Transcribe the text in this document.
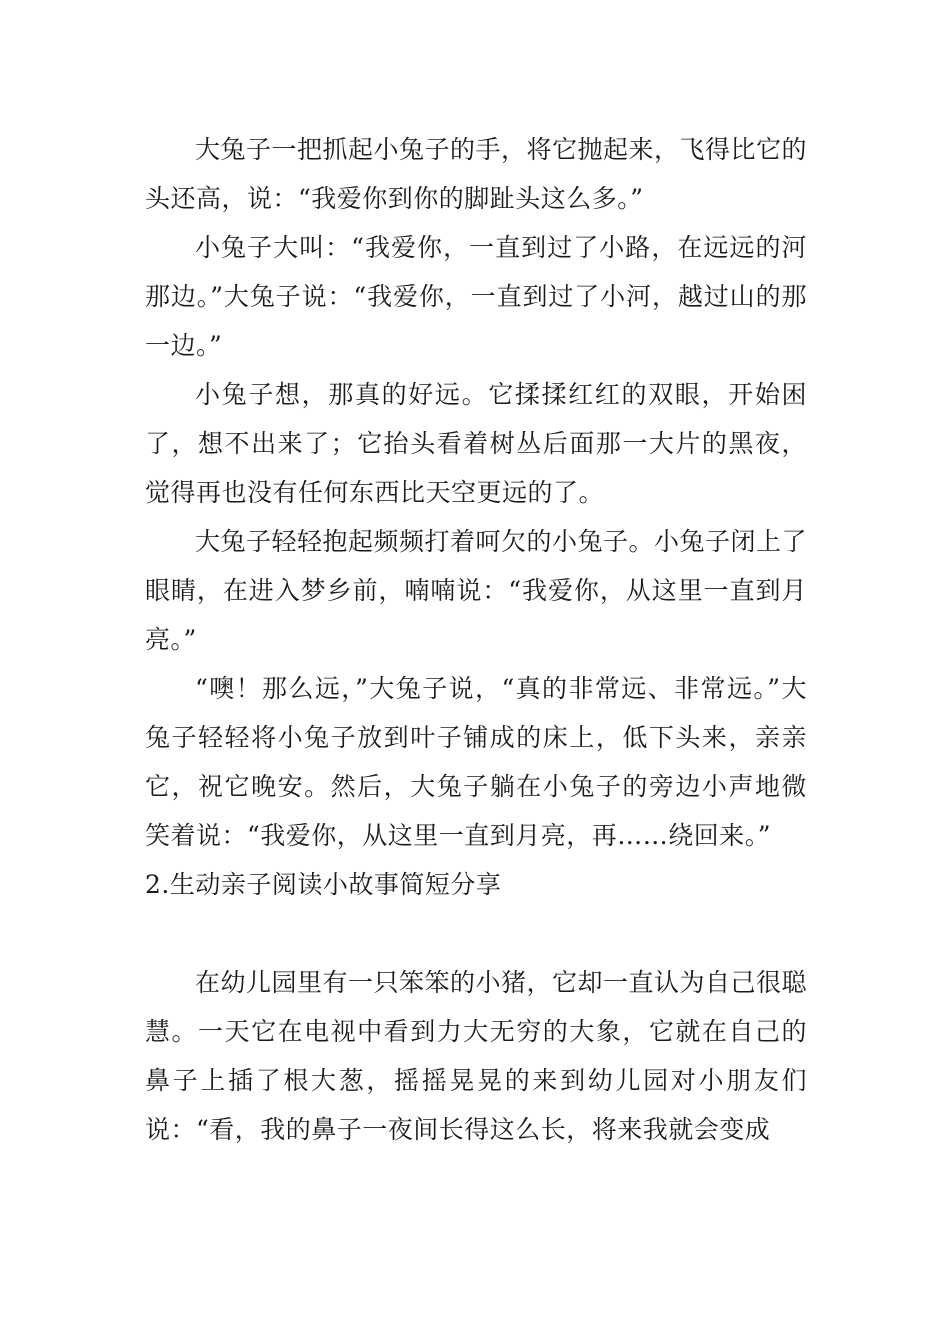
大兔子一把抓起小兔子的手，将它抛起来，飞得比它的头还高，说：“我爱你到你的脚趾头这么多。”

小兔子大叫：“我爱你，一直到过了小路，在远远的河那边。”大兔子说：“我爱你，一直到过了小河，越过山的那一边。”

小兔子想，那真的好远。它揉揉红红的双眼，开始困了，想不出来了；它抬头看着树丛后面那一大片的黑夜，觉得再也没有任何东西比天空更远的了。

大兔子轻轻抱起频频打着呵欠的小兔子。小兔子闭上了眼睛，在进入梦乡前，喃喃说：“我爱你，从这里一直到月亮。”

“噢！那么远，”大兔子说，“真的非常远、非常远。”大兔子轻轻将小兔子放到叶子铺成的床上，低下头来，亲亲它，祝它晚安。然后，大兔子躺在小兔子的旁边小声地微笑着说：“我爱你，从这里一直到月亮，再……绕回来。”

2.生动亲子阅读小故事简短分享

在幼儿园里有一只笨笨的小猪，它却一直认为自己很聪慧。一天它在电视中看到力大无穷的大象，它就在自己的鼻子上插了根大葱，摇摇晃晃的来到幼儿园对小朋友们说：“看，我的鼻子一夜间长得这么长，将来我就会变成
